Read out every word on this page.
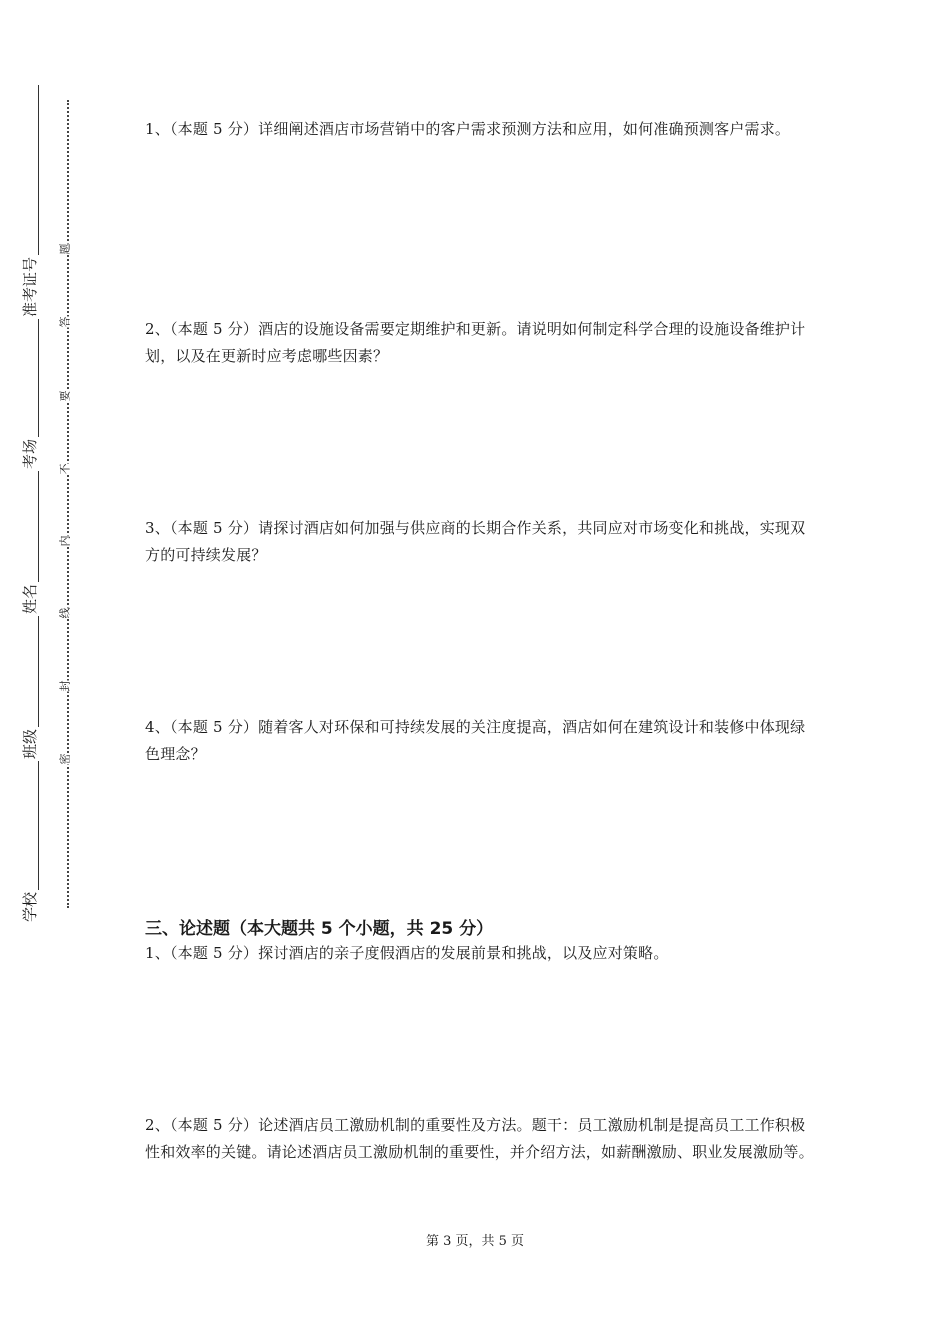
准考证号
考场
姓名
班级
学校
题
答
要
不
内
线
封
密
1、（本题 5 分）详细阐述酒店市场营销中的客户需求预测方法和应用，如何准确预测客户需求。
2、（本题 5 分）酒店的设施设备需要定期维护和更新。请说明如何制定科学合理的设施设备维护计划，以及在更新时应考虑哪些因素？
3、（本题 5 分）请探讨酒店如何加强与供应商的长期合作关系，共同应对市场变化和挑战，实现双方的可持续发展？
4、（本题 5 分）随着客人对环保和可持续发展的关注度提高，酒店如何在建筑设计和装修中体现绿色理念？
三、论述题（本大题共 5 个小题，共 25 分）
1、（本题 5 分）探讨酒店的亲子度假酒店的发展前景和挑战，以及应对策略。
2、（本题 5 分）论述酒店员工激励机制的重要性及方法。题干：员工激励机制是提高员工工作积极性和效率的关键。请论述酒店员工激励机制的重要性，并介绍方法，如薪酬激励、职业发展激励等。
第 3 页，共 5 页
